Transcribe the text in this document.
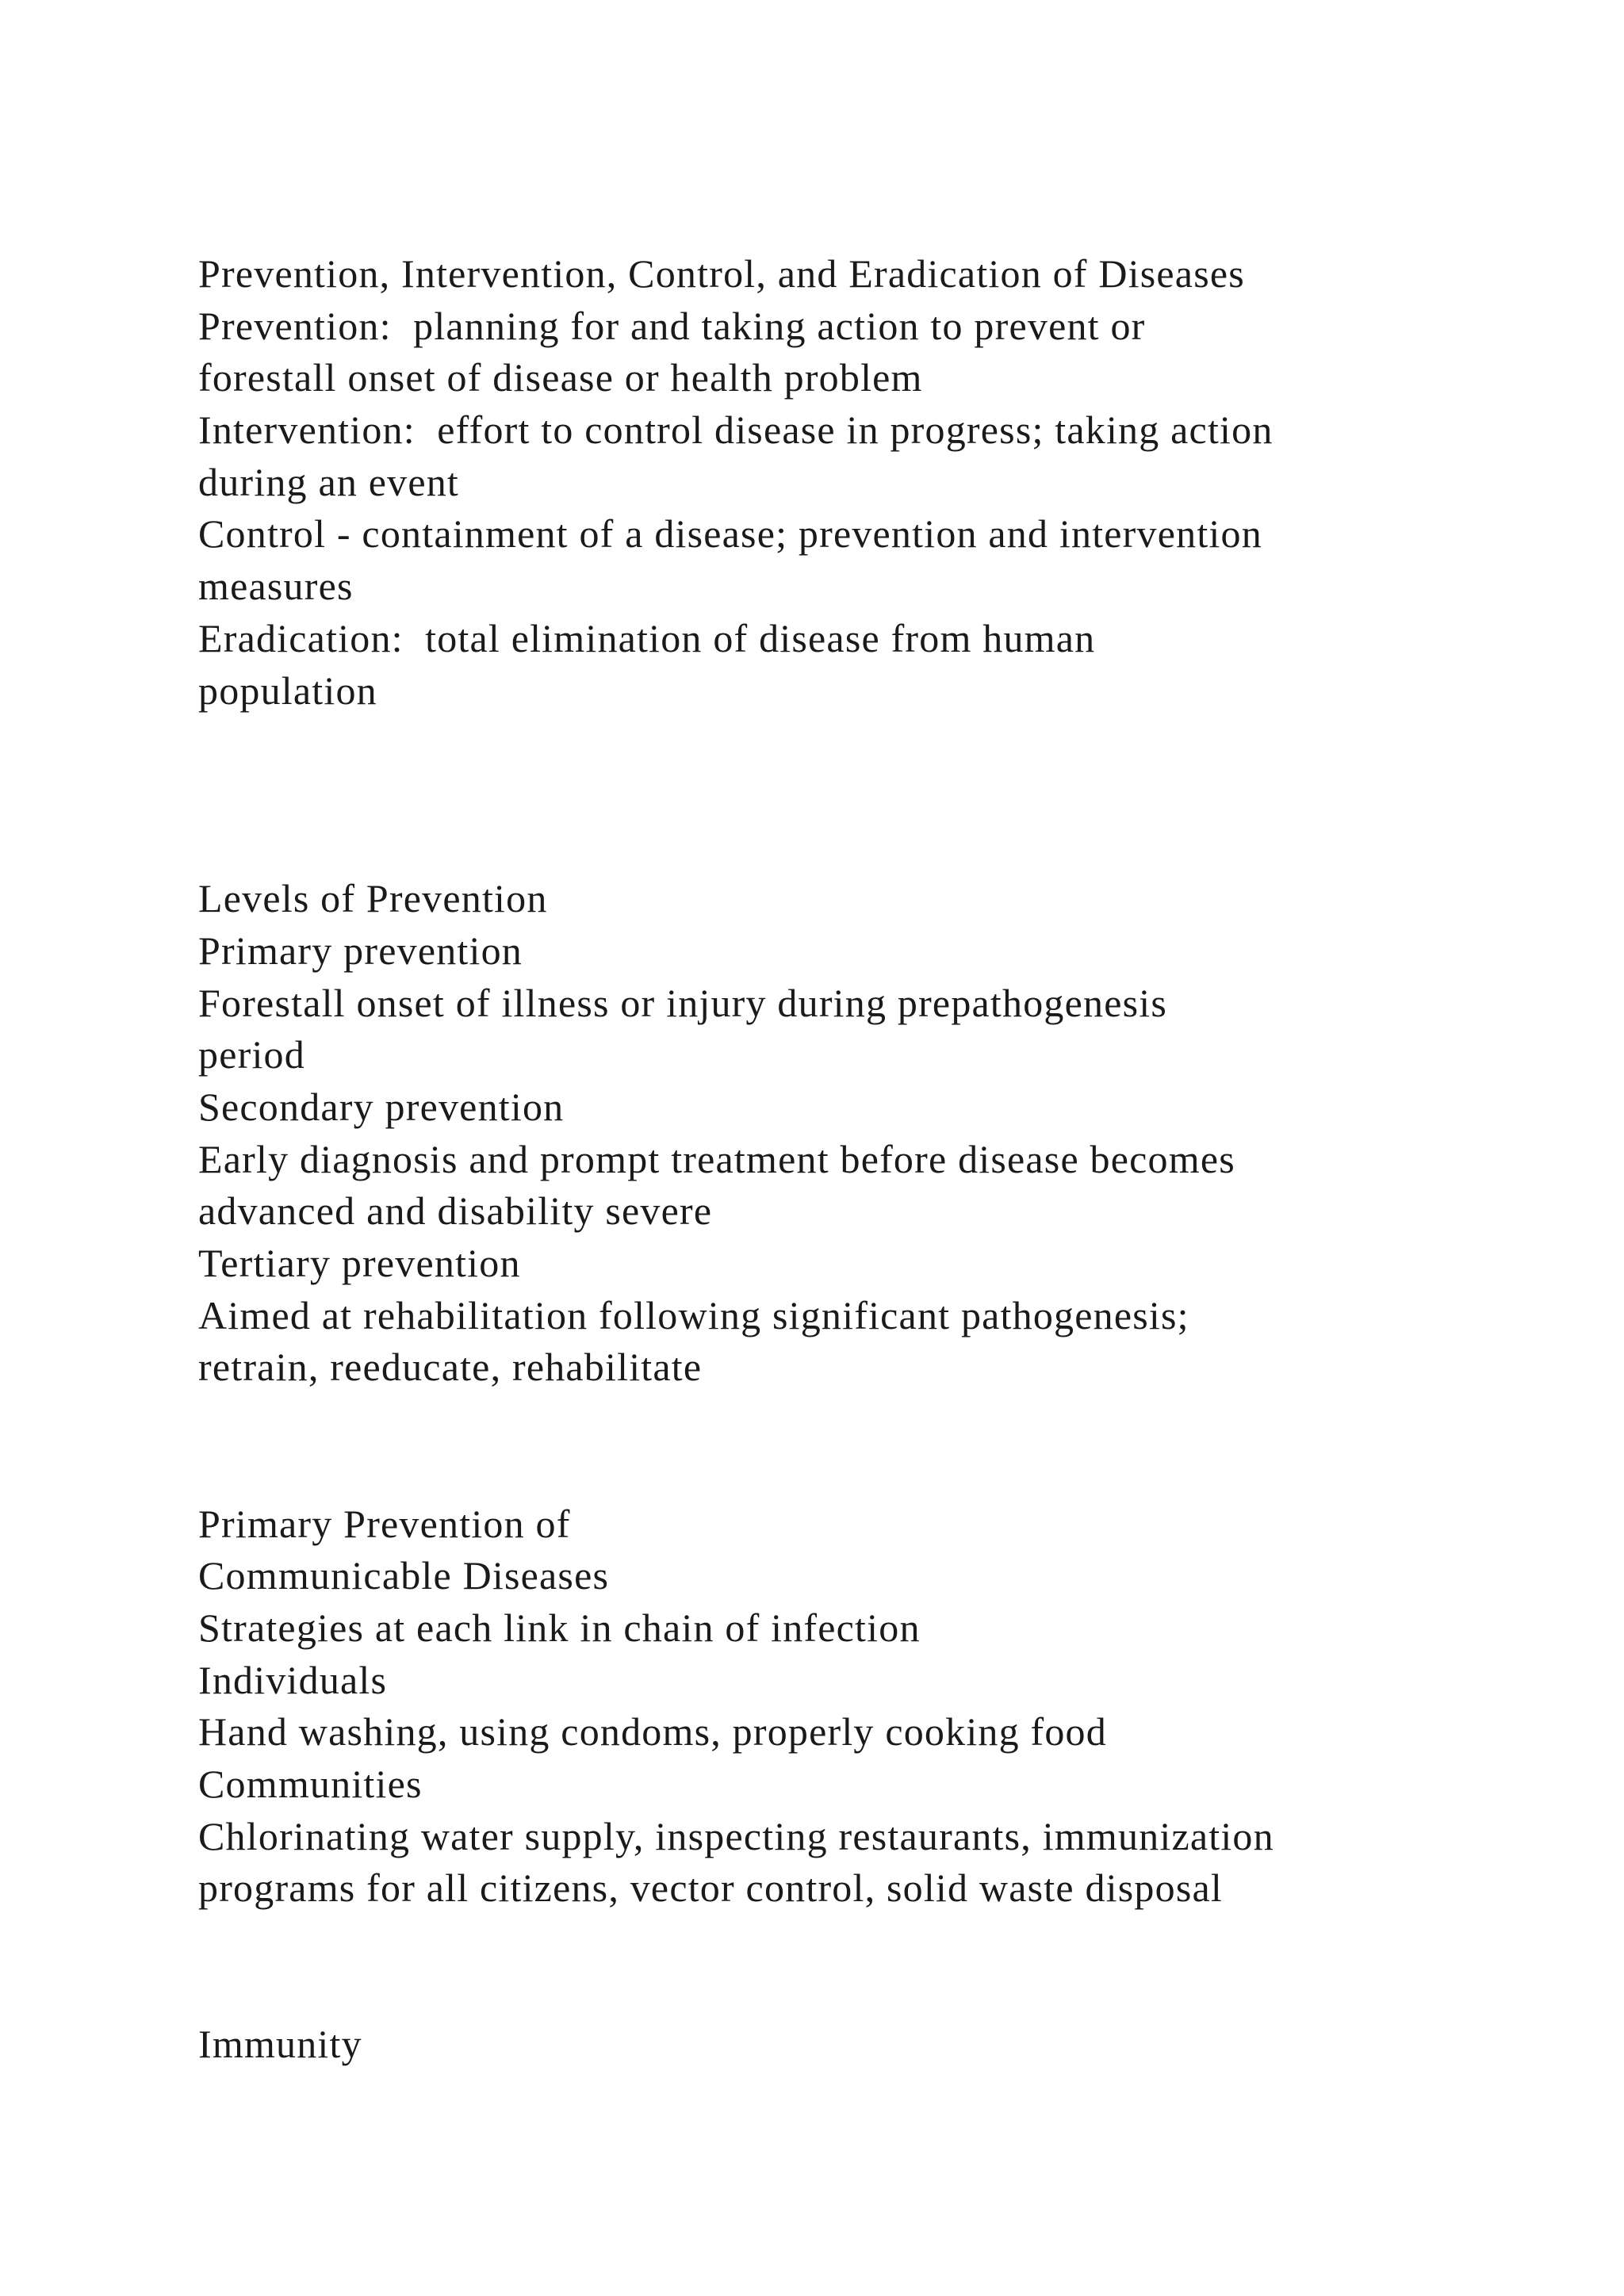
Prevention, Intervention, Control, and Eradication of Diseases
Prevention:  planning for and taking action to prevent or
forestall onset of disease or health problem
Intervention:  effort to control disease in progress; taking action
during an event
Control - containment of a disease; prevention and intervention
measures
Eradication:  total elimination of disease from human
population
Levels of Prevention
Primary prevention
Forestall onset of illness or injury during prepathogenesis
period
Secondary prevention
Early diagnosis and prompt treatment before disease becomes
advanced and disability severe
Tertiary prevention
Aimed at rehabilitation following significant pathogenesis;
retrain, reeducate, rehabilitate
Primary Prevention of
Communicable Diseases
Strategies at each link in chain of infection
Individuals
Hand washing, using condoms, properly cooking food
Communities
Chlorinating water supply, inspecting restaurants, immunization
programs for all citizens, vector control, solid waste disposal
Immunity
